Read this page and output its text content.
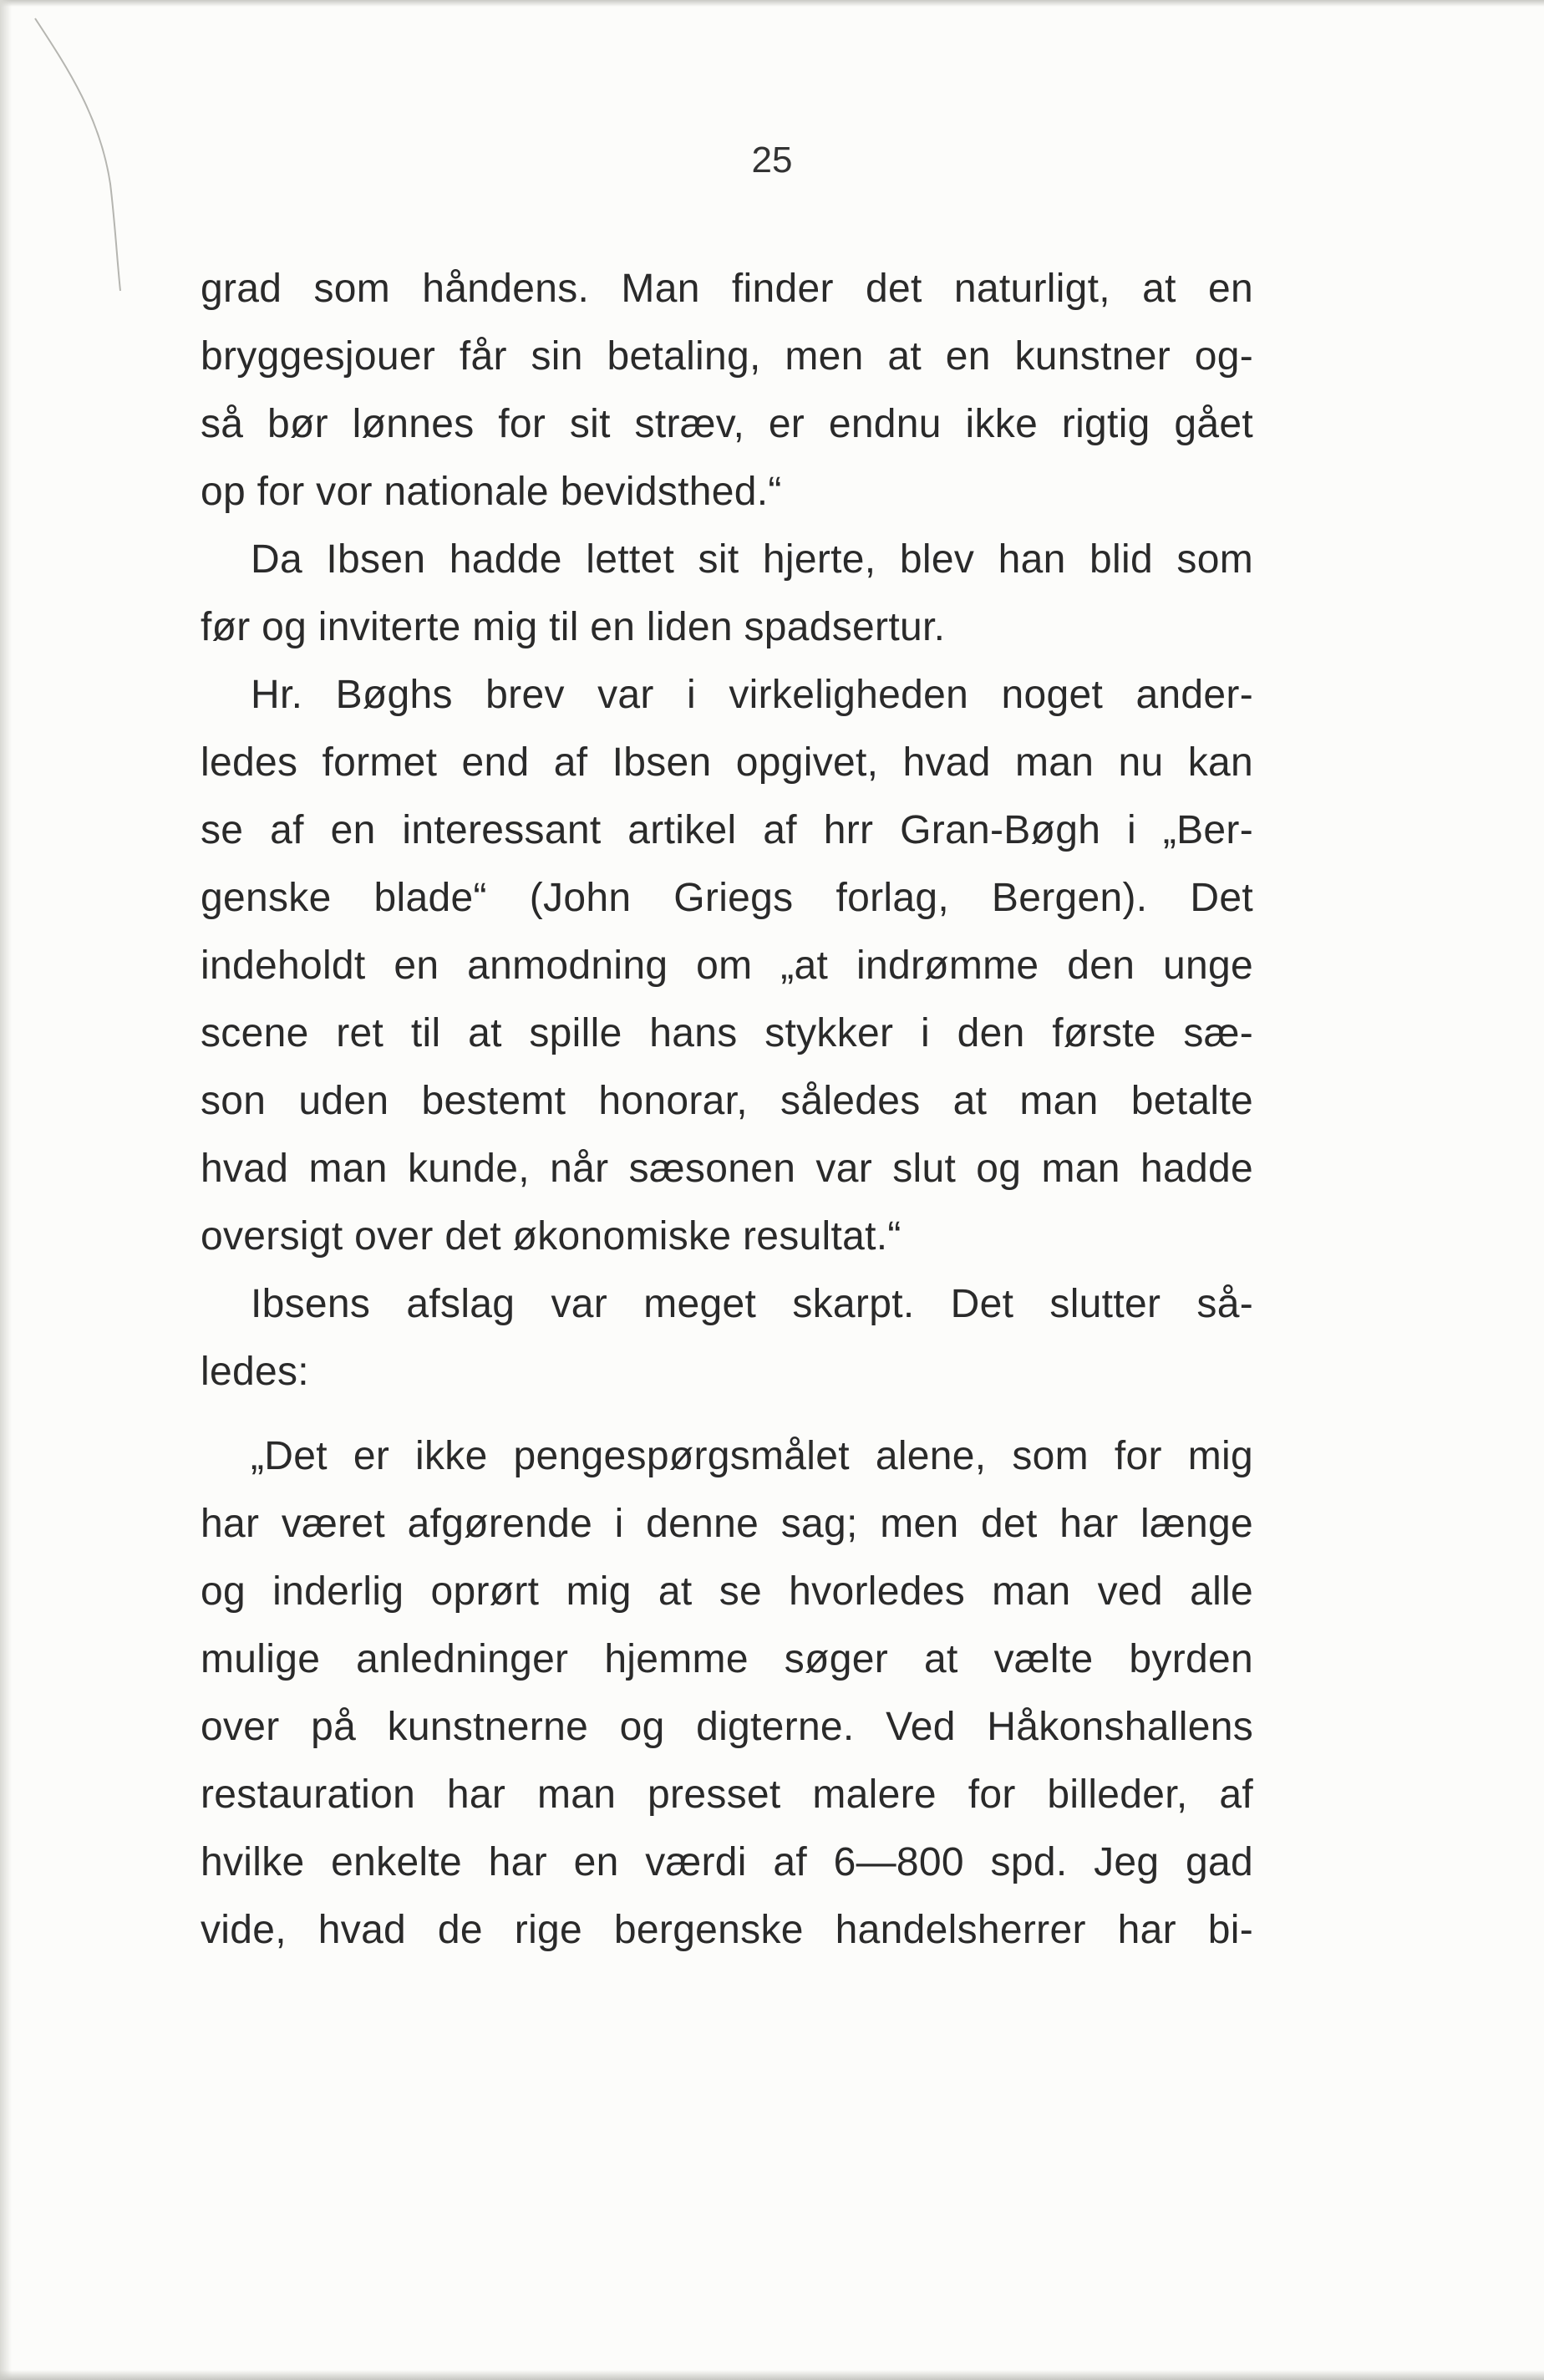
25
grad som håndens. Man finder det naturligt, at en
bryggesjouer får sin betaling, men at en kunstner og-
så bør lønnes for sit stræv, er endnu ikke rigtig gået
op for vor nationale bevidsthed.“
Da Ibsen hadde lettet sit hjerte, blev han blid som
før og inviterte mig til en liden spadsertur.
Hr. Bøghs brev var i virkeligheden noget ander-
ledes formet end af Ibsen opgivet, hvad man nu kan
se af en interessant artikel af hrr Gran-Bøgh i „Ber-
genske blade“ (John Griegs forlag, Bergen). Det
indeholdt en anmodning om „at indrømme den unge
scene ret til at spille hans stykker i den første sæ-
son uden bestemt honorar, således at man betalte
hvad man kunde, når sæsonen var slut og man hadde
oversigt over det økonomiske resultat.“
Ibsens afslag var meget skarpt. Det slutter så-
ledes:
„Det er ikke pengespørgsmålet alene, som for mig
har været afgørende i denne sag; men det har længe
og inderlig oprørt mig at se hvorledes man ved alle
mulige anledninger hjemme søger at vælte byrden
over på kunstnerne og digterne. Ved Håkonshallens
restauration har man presset malere for billeder, af
hvilke enkelte har en værdi af 6—800 spd. Jeg gad
vide, hvad de rige bergenske handelsherrer har bi-
